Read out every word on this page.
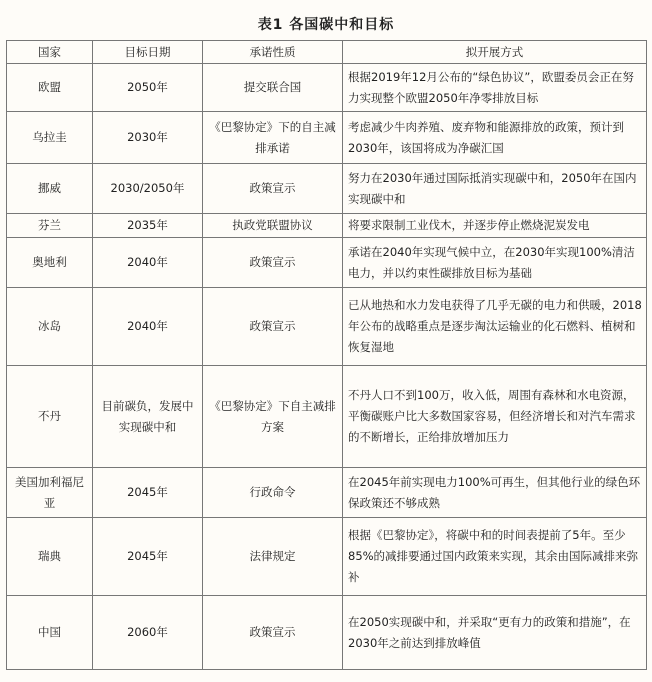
表1 各国碳中和目标
国家	目标日期	承诺性质	拟开展方式
欧盟	2050年	提交联合国	根据2019年12月公布的“绿色协议”，欧盟委员会正在努力实现整个欧盟2050年净零排放目标
乌拉圭	2030年	《巴黎协定》下的自主减排承诺	考虑减少牛肉养殖、废弃物和能源排放的政策，预计到2030年，该国将成为净碳汇国
挪威	2030/2050年	政策宣示	努力在2030年通过国际抵消实现碳中和，2050年在国内实现碳中和
芬兰	2035年	执政党联盟协议	将要求限制工业伐木，并逐步停止燃烧泥炭发电
奥地利	2040年	政策宣示	承诺在2040年实现气候中立，在2030年实现100%清洁电力，并以约束性碳排放目标为基础
冰岛	2040年	政策宣示	已从地热和水力发电获得了几乎无碳的电力和供暖，2018年公布的战略重点是逐步淘汰运输业的化石燃料、植树和恢复湿地
不丹	目前碳负，发展中实现碳中和	《巴黎协定》下自主减排方案	不丹人口不到100万，收入低，周围有森林和水电资源，平衡碳账户比大多数国家容易，但经济增长和对汽车需求的不断增长，正给排放增加压力
美国加利福尼亚	2045年	行政命令	在2045年前实现电力100%可再生，但其他行业的绿色环保政策还不够成熟
瑞典	2045年	法律规定	根据《巴黎协定》，将碳中和的时间表提前了5年。至少85%的减排要通过国内政策来实现，其余由国际减排来弥补
中国	2060年	政策宣示	在2050实现碳中和，并采取“更有力的政策和措施”，在2030年之前达到排放峰值
